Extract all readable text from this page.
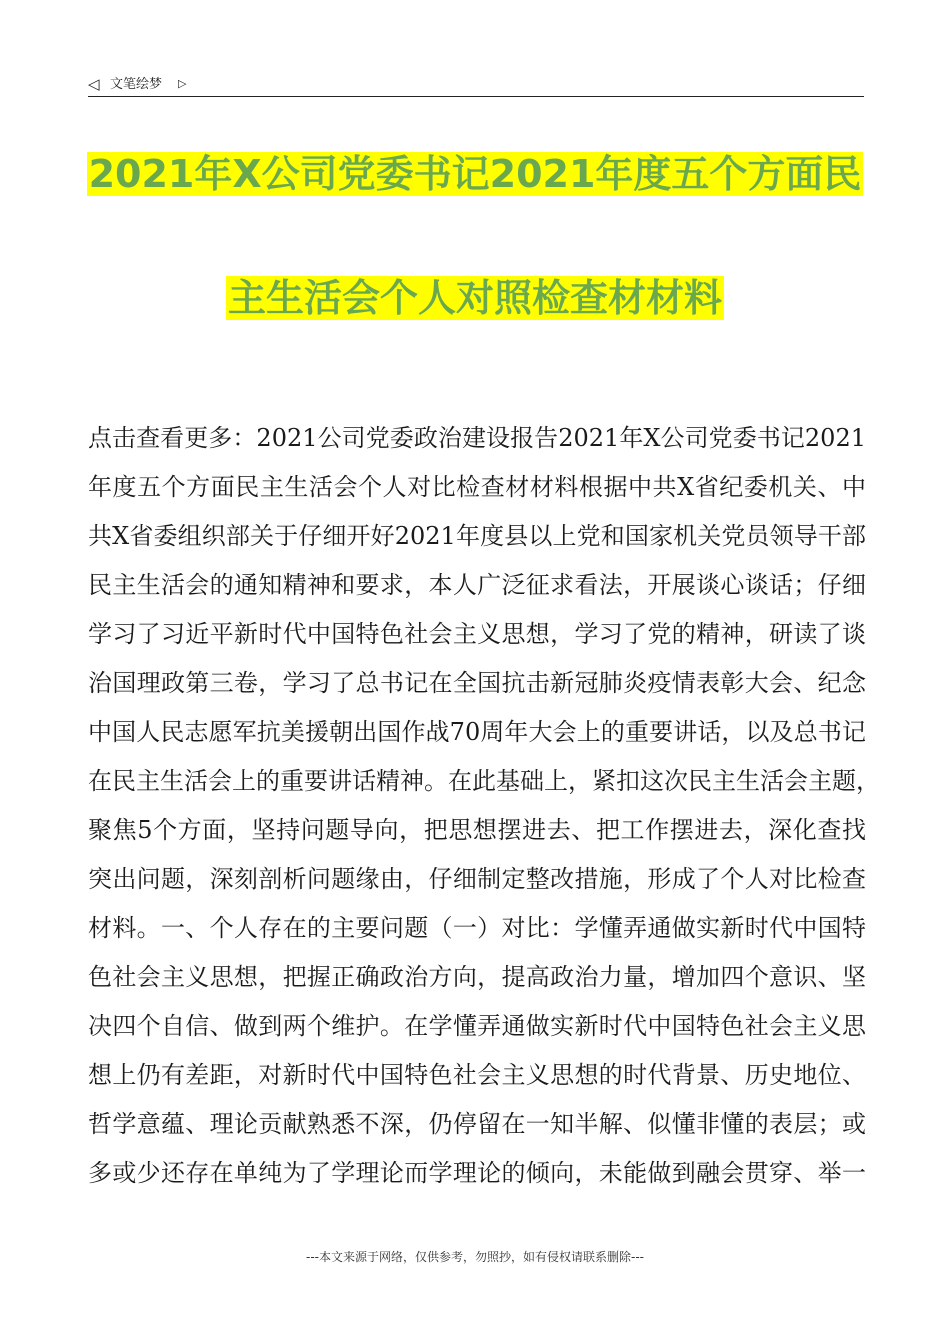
◁ 文笔绘梦 ▷
2021年X公司党委书记2021年度五个方面民
主生活会个人对照检查材材料
点击查看更多：2021公司党委政治建设报告2021年X公司党委书记2021
年度五个方面民主生活会个人对比检查材材料根据中共X省纪委机关、中
共X省委组织部关于仔细开好2021年度县以上党和国家机关党员领导干部
民主生活会的通知精神和要求，本人广泛征求看法，开展谈心谈话；仔细
学习了习近平新时代中国特色社会主义思想，学习了党的精神，研读了谈
治国理政第三卷，学习了总书记在全国抗击新冠肺炎疫情表彰大会、纪念
中国人民志愿军抗美援朝出国作战70周年大会上的重要讲话，以及总书记
在民主生活会上的重要讲话精神。在此基础上，紧扣这次民主生活会主题，
聚焦5个方面，坚持问题导向，把思想摆进去、把工作摆进去，深化查找
突出问题，深刻剖析问题缘由，仔细制定整改措施，形成了个人对比检查
材料。一、个人存在的主要问题（一）对比：学懂弄通做实新时代中国特
色社会主义思想，把握正确政治方向，提高政治力量，增加四个意识、坚
决四个自信、做到两个维护。在学懂弄通做实新时代中国特色社会主义思
想上仍有差距，对新时代中国特色社会主义思想的时代背景、历史地位、
哲学意蕴、理论贡献熟悉不深，仍停留在一知半解、似懂非懂的表层；或
多或少还存在单纯为了学理论而学理论的倾向，未能做到融会贯穿、举一
---本文来源于网络，仅供参考，勿照抄，如有侵权请联系删除---
